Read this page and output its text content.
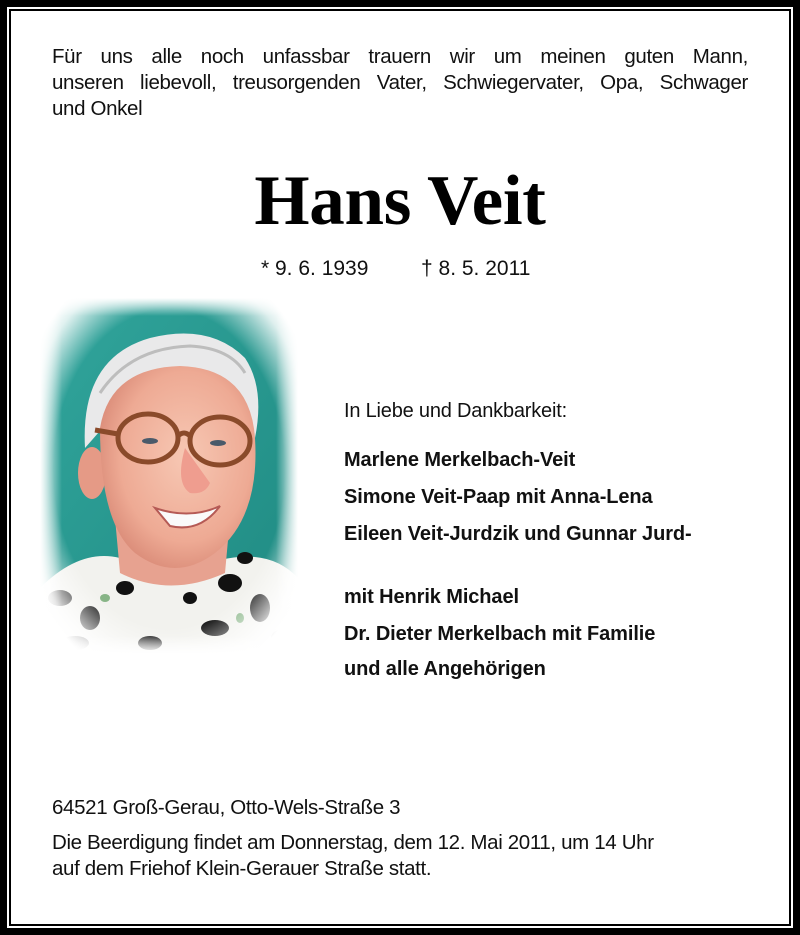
Für uns alle noch unfassbar trauern wir um meinen guten Mann,
unseren liebevoll, treusorgenden Vater, Schwiegervater, Opa, Schwager
und Onkel
Hans Veit
* 9. 6. 1939	† 8. 5. 2011
In Liebe und Dankbarkeit:
Marlene Merkelbach-Veit
Simone Veit-Paap mit Anna-Lena
Eileen Veit-Jurdzik und Gunnar Jurd-
mit Henrik Michael
Dr. Dieter Merkelbach mit Familie
und alle Angehörigen
64521 Groß-Gerau, Otto-Wels-Straße 3
Die Beerdigung findet am Donnerstag, dem 12. Mai 2011, um 14 Uhr
auf dem Friehof Klein-Gerauer Straße statt.
